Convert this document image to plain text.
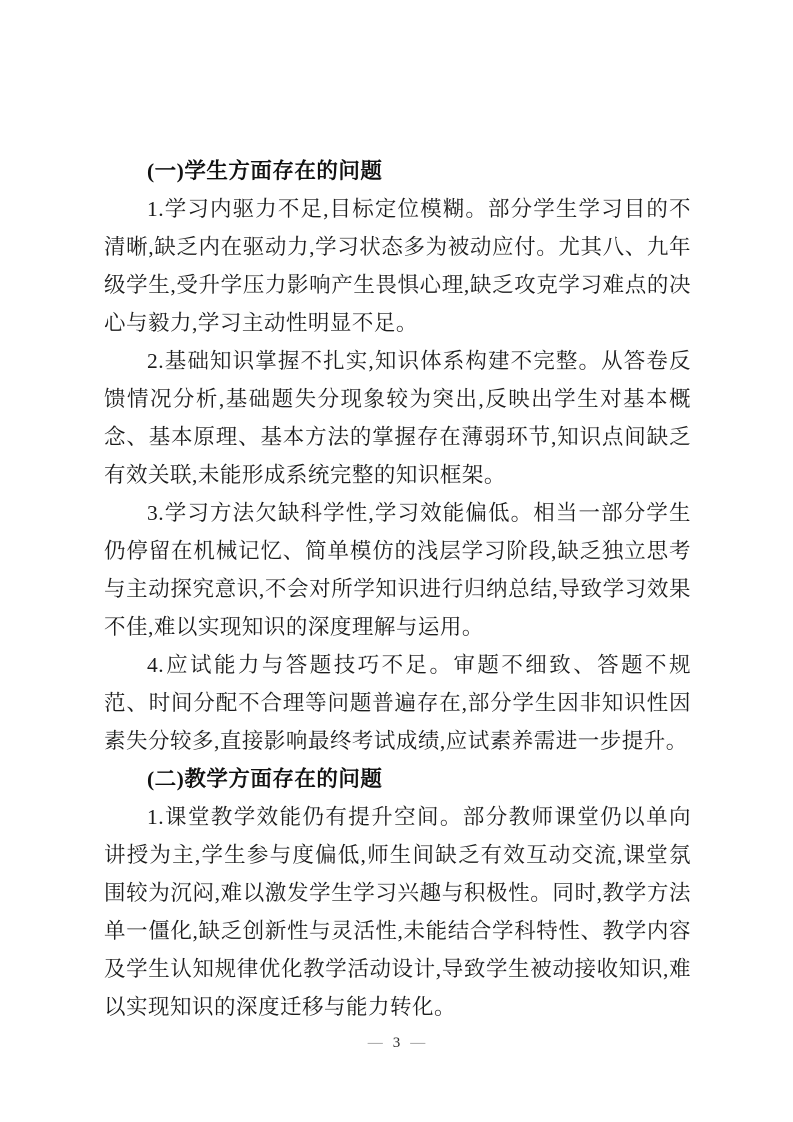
(一)学生方面存在的问题

1.学习内驱力不足,目标定位模糊。部分学生学习目的不清晰,缺乏内在驱动力,学习状态多为被动应付。尤其八、九年级学生,受升学压力影响产生畏惧心理,缺乏攻克学习难点的决心与毅力,学习主动性明显不足。

2.基础知识掌握不扎实,知识体系构建不完整。从答卷反馈情况分析,基础题失分现象较为突出,反映出学生对基本概念、基本原理、基本方法的掌握存在薄弱环节,知识点间缺乏有效关联,未能形成系统完整的知识框架。

3.学习方法欠缺科学性,学习效能偏低。相当一部分学生仍停留在机械记忆、简单模仿的浅层学习阶段,缺乏独立思考与主动探究意识,不会对所学知识进行归纳总结,导致学习效果不佳,难以实现知识的深度理解与运用。

4.应试能力与答题技巧不足。审题不细致、答题不规范、时间分配不合理等问题普遍存在,部分学生因非知识性因素失分较多,直接影响最终考试成绩,应试素养需进一步提升。

(二)教学方面存在的问题

1.课堂教学效能仍有提升空间。部分教师课堂仍以单向讲授为主,学生参与度偏低,师生间缺乏有效互动交流,课堂氛围较为沉闷,难以激发学生学习兴趣与积极性。同时,教学方法单一僵化,缺乏创新性与灵活性,未能结合学科特性、教学内容及学生认知规律优化教学活动设计,导致学生被动接收知识,难以实现知识的深度迁移与能力转化。

— 3 —
